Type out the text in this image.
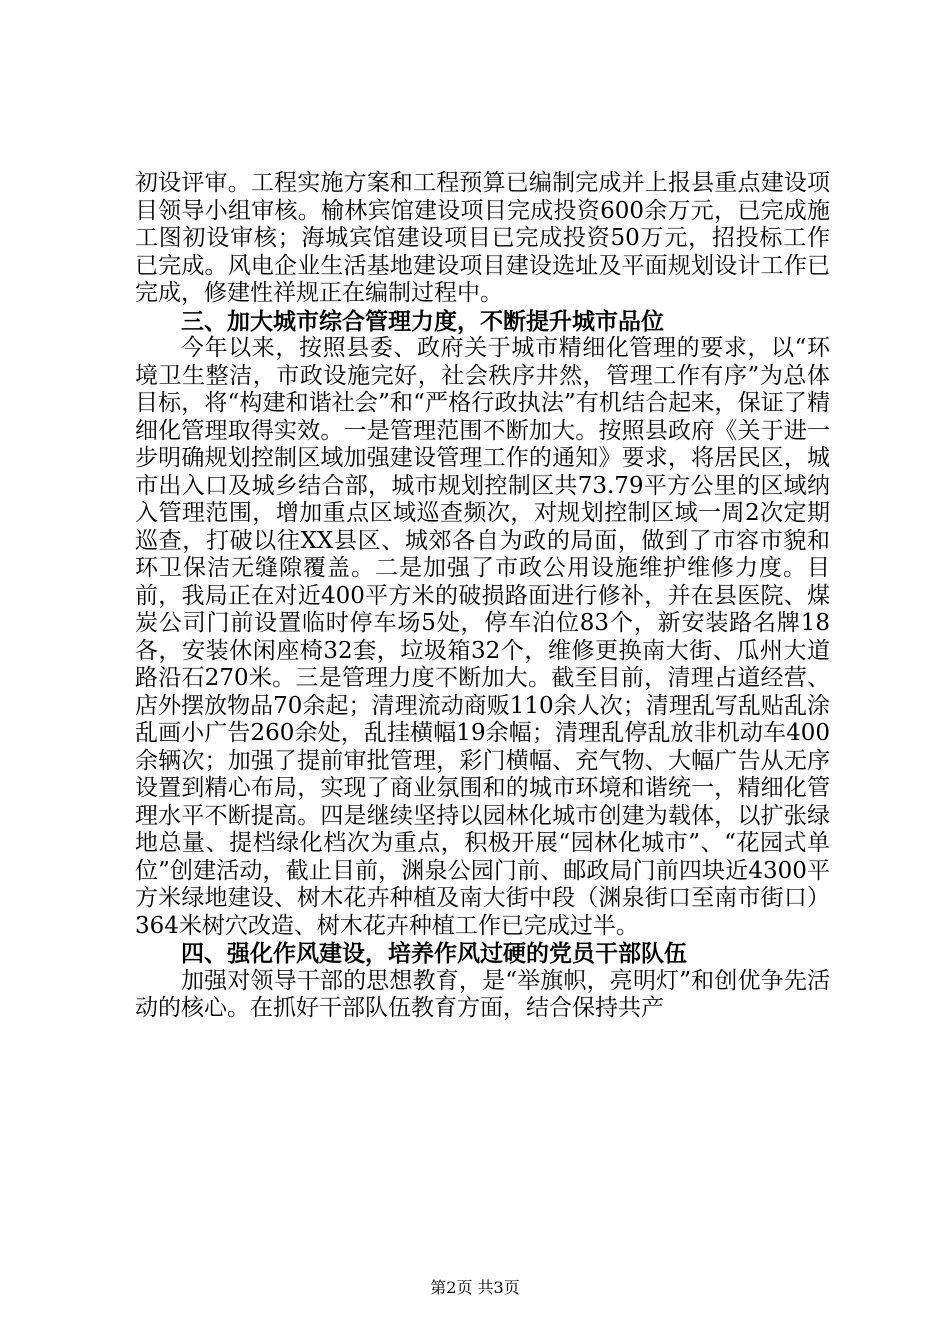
初设评审。工程实施方案和工程预算已编制完成并上报县重点建设项目领导小组审核。榆林宾馆建设项目完成投资600余万元，已完成施工图初设审核；海城宾馆建设项目已完成投资50万元，招投标工作已完成。风电企业生活基地建设项目建设选址及平面规划设计工作已完成，修建性祥规正在编制过程中。

三、加大城市综合管理力度，不断提升城市品位

今年以来，按照县委、政府关于城市精细化管理的要求，以“环境卫生整洁，市政设施完好，社会秩序井然，管理工作有序”为总体目标，将“构建和谐社会”和“严格行政执法”有机结合起来，保证了精细化管理取得实效。一是管理范围不断加大。按照县政府《关于进一步明确规划控制区域加强建设管理工作的通知》要求，将居民区，城市出入口及城乡结合部，城市规划控制区共73.79平方公里的区域纳入管理范围，增加重点区域巡查频次，对规划控制区域一周2次定期巡查，打破以往XX县区、城郊各自为政的局面，做到了市容市貌和环卫保洁无缝隙覆盖。二是加强了市政公用设施维护维修力度。目前，我局正在对近400平方米的破损路面进行修补，并在县医院、煤炭公司门前设置临时停车场5处，停车泊位83个，新安装路名牌18各，安装休闲座椅32套，垃圾箱32个，维修更换南大街、瓜州大道路沿石270米。三是管理力度不断加大。截至目前，清理占道经营、店外摆放物品70余起；清理流动商贩110余人次；清理乱写乱贴乱涂乱画小广告260余处，乱挂横幅19余幅；清理乱停乱放非机动车400余辆次；加强了提前审批管理，彩门横幅、充气物、大幅广告从无序设置到精心布局，实现了商业氛围和的城市环境和谐统一，精细化管理水平不断提高。四是继续坚持以园林化城市创建为载体，以扩张绿地总量、提档绿化档次为重点，积极开展“园林化城市”、“花园式单位”创建活动，截止目前，渊泉公园门前、邮政局门前四块近4300平方米绿地建设、树木花卉种植及南大街中段（渊泉街口至南市街口）364米树穴改造、树木花卉种植工作已完成过半。

四、强化作风建设，培养作风过硬的党员干部队伍

加强对领导干部的思想教育，是“举旗帜，亮明灯”和创优争先活动的核心。在抓好干部队伍教育方面，结合保持共产

第2页 共3页
